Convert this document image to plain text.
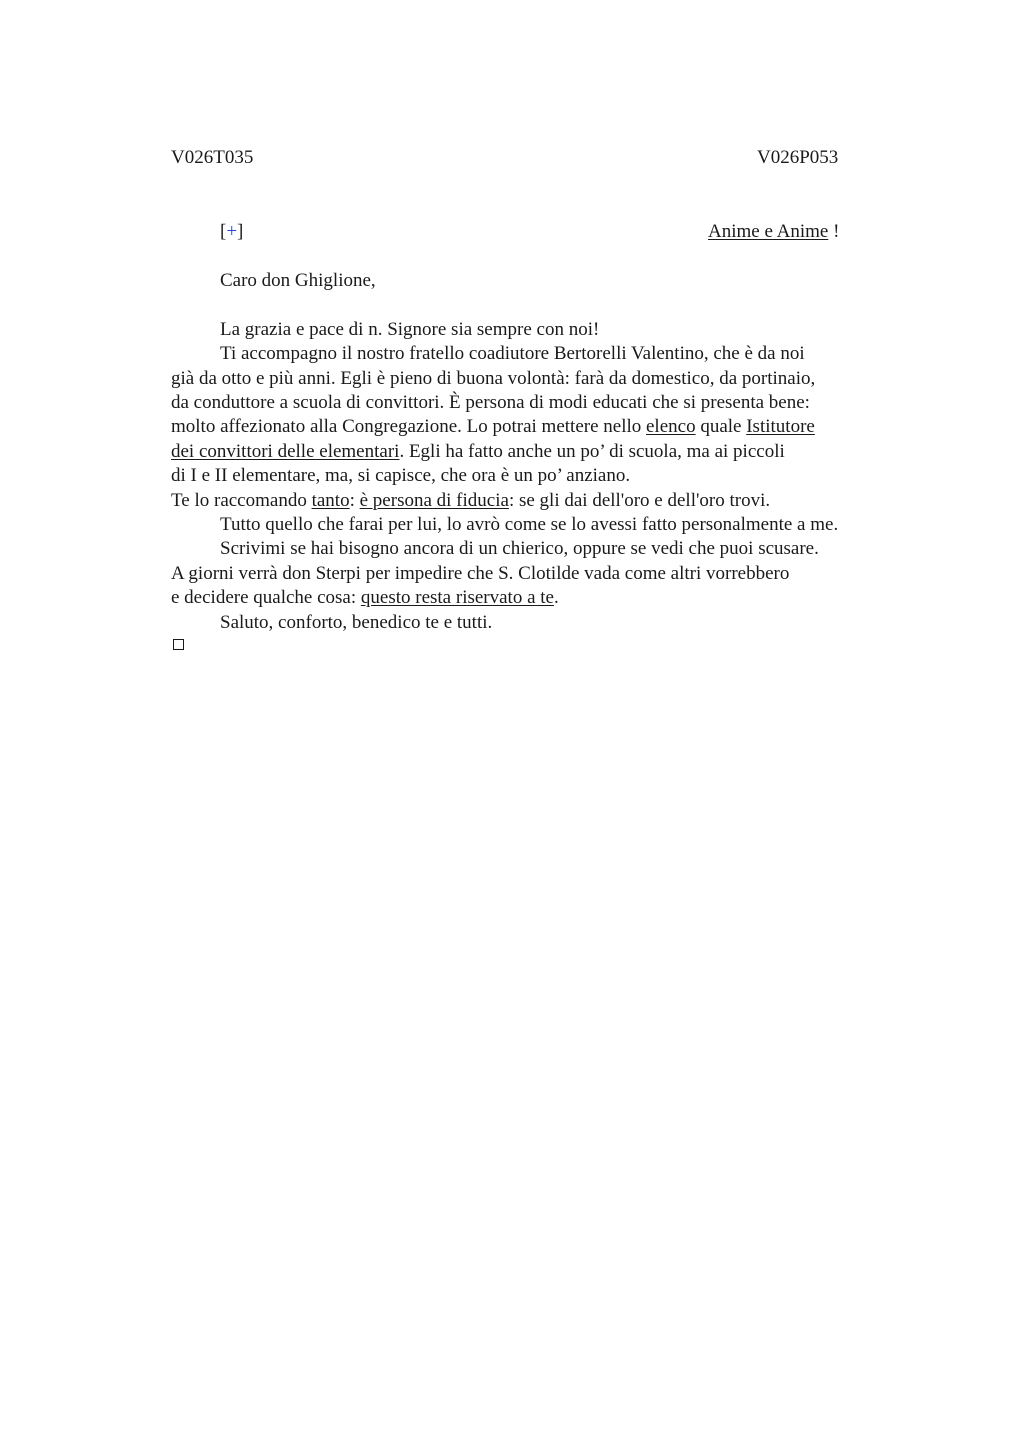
V026T035	V026P053
[+]	Anime e Anime !
Caro don Ghiglione,
La grazia e pace di n. Signore sia sempre con noi!
Ti accompagno il nostro fratello coadiutore Bertorelli Valentino, che è da noi
già da otto e più anni. Egli è pieno di buona volontà: farà da domestico, da portinaio,
da conduttore a scuola di convittori. È persona di modi educati che si presenta bene:
molto affezionato alla Congregazione. Lo potrai mettere nello elenco quale Istitutore
dei convittori delle elementari. Egli ha fatto anche un po’ di scuola, ma ai piccoli
di I e II elementare, ma, si capisce, che ora è un po’ anziano.
Te lo raccomando tanto: è persona di fiducia: se gli dai dell'oro e dell'oro trovi.
Tutto quello che farai per lui, lo avrò come se lo avessi fatto personalmente a me.
Scrivimi se hai bisogno ancora di un chierico, oppure se vedi che puoi scusare.
A giorni verrà don Sterpi per impedire che S. Clotilde vada come altri vorrebbero
e decidere qualche cosa: questo resta riservato a te.
Saluto, conforto, benedico te e tutti.
